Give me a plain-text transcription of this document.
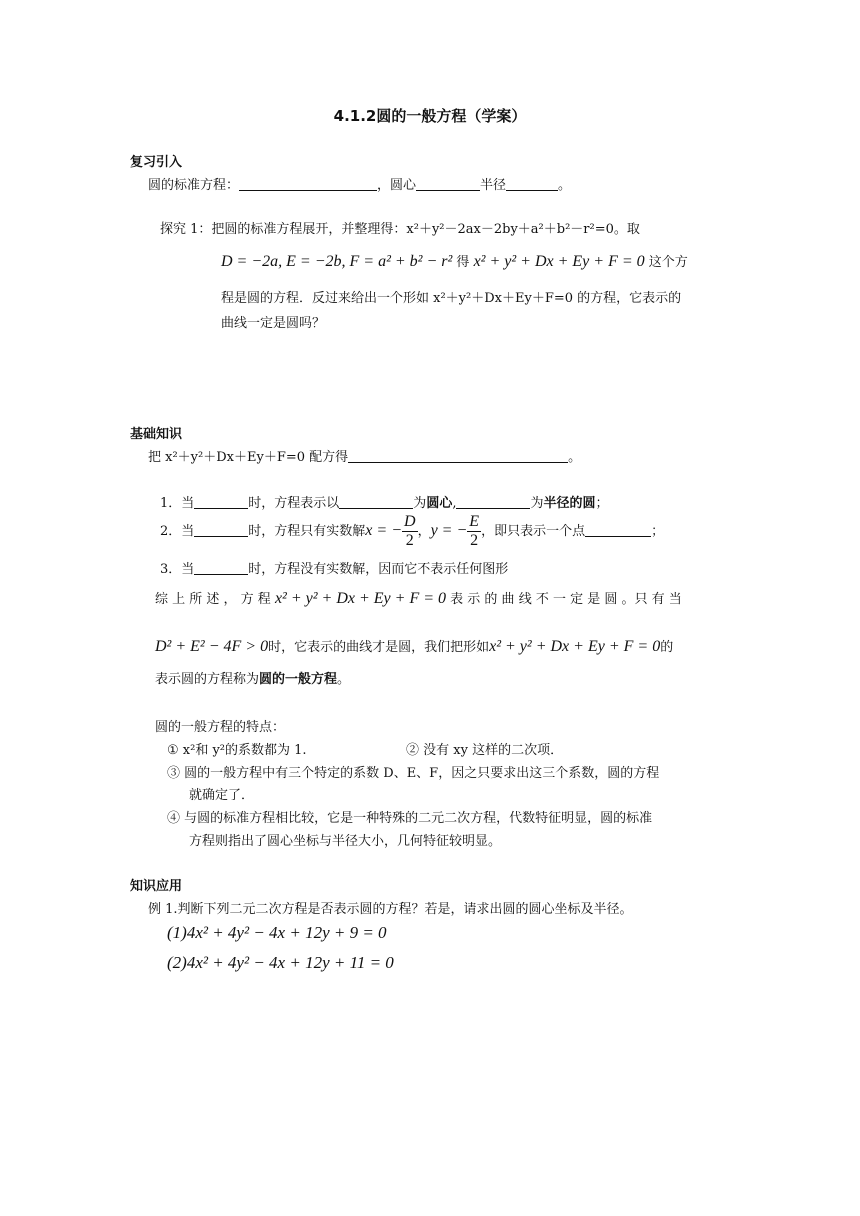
4.1.2圆的一般方程（学案）
复习引入
圆的标准方程：	，圆心	半径	。
探究 1：把圆的标准方程展开，并整理得：x²＋y²－2ax－2by＋a²＋b²－r²=0。取
D = −2a, E = −2b, F = a² + b² − r² 得 x² + y² + Dx + Ey + F = 0 这个方
程是圆的方程．反过来给出一个形如 x²＋y²＋Dx＋Ey＋F=0 的方程，它表示的
曲线一定是圆吗？
基础知识
把 x²＋y²＋Dx＋Ey＋F=0 配方得	。
1．当	时，方程表示以	为圆心,	为半径的圆；
2．当	时，方程只有实数解x = − $\frac{D}{2}$ ，y = − $\frac{E}{2}$ ，即只表示一个点	；
3．当	时，方程没有实数解，因而它不表示任何图形
综 上 所 述 ， 方 程 x² + y² + Dx + Ey + F = 0 表 示 的 曲 线 不 一 定 是 圆 。只 有 当
D² + E² − 4F > 0时，它表示的曲线才是圆，我们把形如x² + y² + Dx + Ey + F = 0的
表示圆的方程称为圆的一般方程。
圆的一般方程的特点：
① x²和 y²的系数都为 1.	② 没有 xy 这样的二次项．
③ 圆的一般方程中有三个特定的系数 D、E、F，因之只要求出这三个系数，圆的方程
就确定了．
④ 与圆的标准方程相比较，它是一种特殊的二元二次方程，代数特征明显，圆的标准
方程则指出了圆心坐标与半径大小，几何特征较明显。
知识应用
例 1.判断下列二元二次方程是否表示圆的方程？若是，请求出圆的圆心坐标及半径。
(1)4x² + 4y² − 4x + 12y + 9 = 0
(2)4x² + 4y² − 4x + 12y + 11 = 0
